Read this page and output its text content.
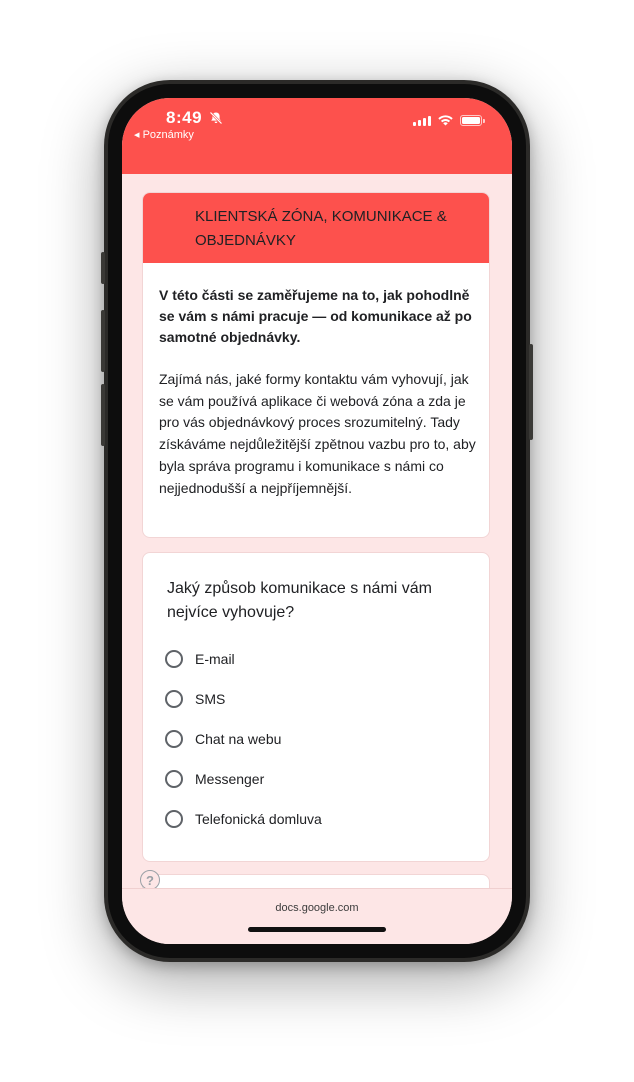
8:49
◂ Poznámky
KLIENTSKÁ ZÓNA, KOMUNIKACE & OBJEDNÁVKY
V této části se zaměřujeme na to, jak pohodlně se vám s námi pracuje — od komunikace až po samotné objednávky.
Zajímá nás, jaké formy kontaktu vám vyhovují, jak se vám používá aplikace či webová zóna a zda je pro vás objednávkový proces srozumitelný. Tady získáváme nejdůležitější zpětnou vazbu pro to, aby byla správa programu i komunikace s námi co nejjednodušší a nejpříjemnější.
Jaký způsob komunikace s námi vám nejvíce vyhovuje?
E-mail
SMS
Chat na webu
Messenger
Telefonická domluva
?
docs.google.com
